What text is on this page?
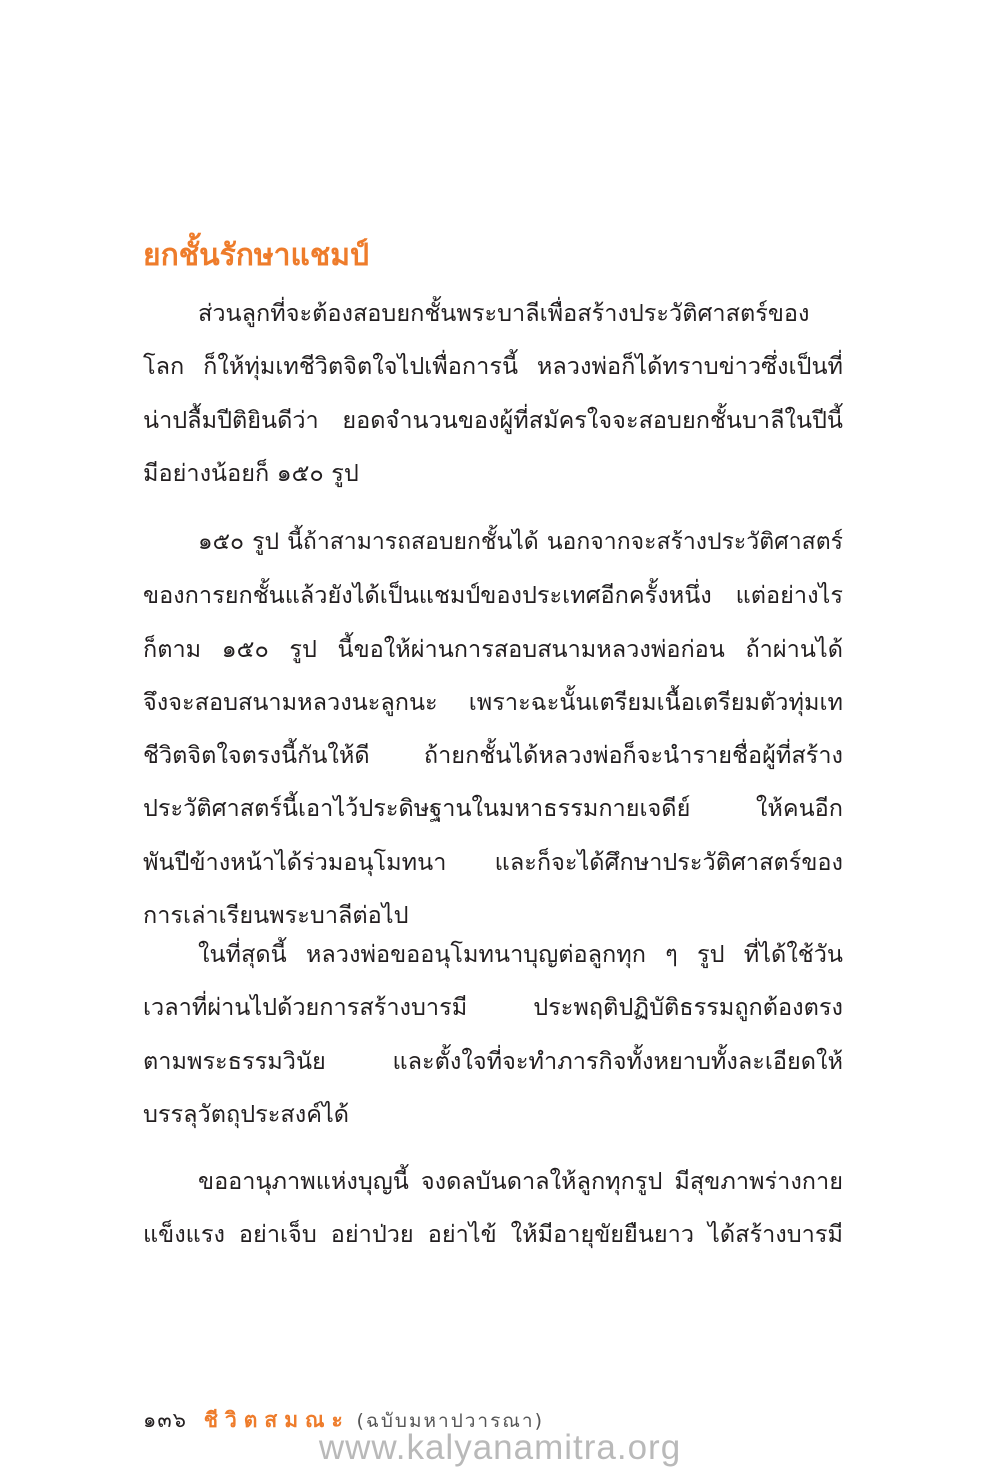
ยกชั้นรักษาแชมป์
ส่วนลูกที่จะต้องสอบยกชั้นพระบาลีเพื่อสร้างประวัติศาสตร์ของ
โลก ก็ให้ทุ่มเทชีวิตจิตใจไปเพื่อการนี้ หลวงพ่อก็ได้ทราบข่าวซึ่งเป็นที่
น่าปลื้มปีติยินดีว่า ยอดจำนวนของผู้ที่สมัครใจจะสอบยกชั้นบาลีในปีนี้
มีอย่างน้อยก็ ๑๕๐ รูป
๑๕๐ รูป นี้ถ้าสามารถสอบยกชั้นได้ นอกจากจะสร้างประวัติศาสตร์
ของการยกชั้นแล้วยังได้เป็นแชมป์ของประเทศอีกครั้งหนึ่ง แต่อย่างไร
ก็ตาม ๑๕๐ รูป นี้ขอให้ผ่านการสอบสนามหลวงพ่อก่อน ถ้าผ่านได้
จึงจะสอบสนามหลวงนะลูกนะ เพราะฉะนั้นเตรียมเนื้อเตรียมตัวทุ่มเท
ชีวิตจิตใจตรงนี้กันให้ดี ถ้ายกชั้นได้หลวงพ่อก็จะนำรายชื่อผู้ที่สร้าง
ประวัติศาสตร์นี้เอาไว้ประดิษฐานในมหาธรรมกายเจดีย์ ให้คนอีก
พันปีข้างหน้าได้ร่วมอนุโมทนา และก็จะได้ศึกษาประวัติศาสตร์ของ
การเล่าเรียนพระบาลีต่อไป
ในที่สุดนี้ หลวงพ่อขออนุโมทนาบุญต่อลูกทุก ๆ รูป ที่ได้ใช้วัน
เวลาที่ผ่านไปด้วยการสร้างบารมี ประพฤติปฏิบัติธรรมถูกต้องตรง
ตามพระธรรมวินัย และตั้งใจที่จะทำภารกิจทั้งหยาบทั้งละเอียดให้
บรรลุวัตถุประสงค์ได้
ขออานุภาพแห่งบุญนี้ จงดลบันดาลให้ลูกทุกรูป มีสุขภาพร่างกาย
แข็งแรง อย่าเจ็บ อย่าป่วย อย่าไข้ ให้มีอายุขัยยืนยาว ได้สร้างบารมี
๑๓๖ ชีวิตสมณะ (ฉบับมหาปวารณา)
www.kalyanamitra.org
